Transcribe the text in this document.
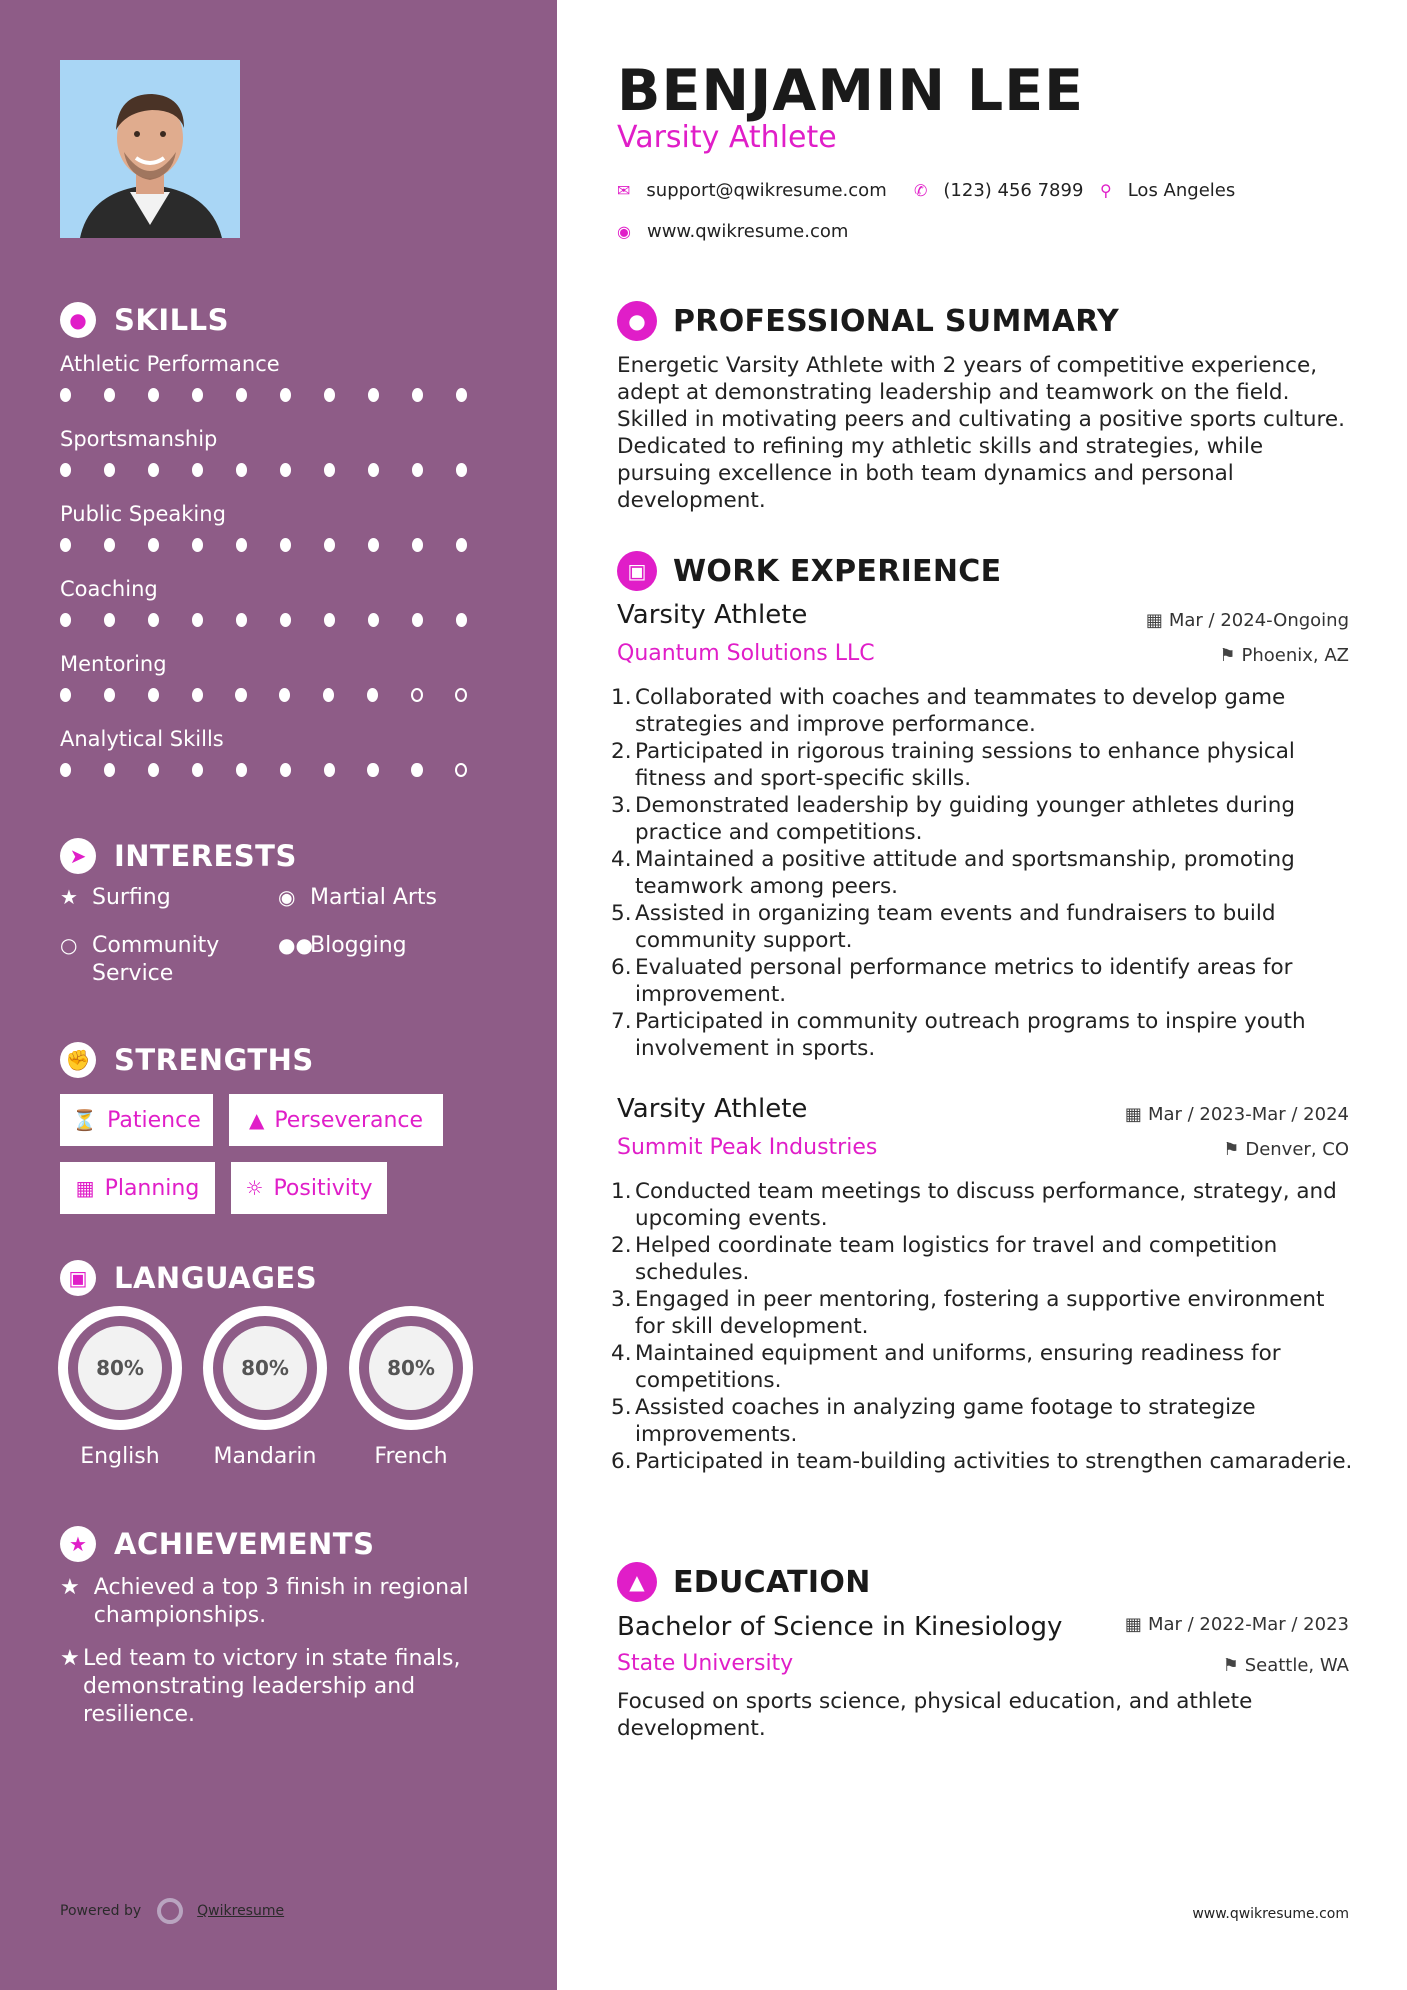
● SKILLS
Athletic Performance
Sportsmanship
Public Speaking
Coaching
Mentoring
Analytical Skills
➤ INTERESTS
★ Surfing	◉ Martial Arts
○ Community Service
●●
Blogging
✊ STRENGTHS
⏳ Patience ▲ Perseverance
▦ Planning ☼ Positivity
▣ LANGUAGES
80%
English
80%
Mandarin
80%
French
★ ACHIEVEMENTS
★ Achieved a top 3 finish in regional championships.
★ Led team to victory in state finals, demonstrating leadership and resilience.
Powered by	Qwikresume
BENJAMIN LEE
Varsity Athlete
✉ support@qwikresume.com ✆ (123) 456 7899 ⚲ Los Angeles
◉ www.qwikresume.com
● PROFESSIONAL SUMMARY
Energetic Varsity Athlete with 2 years of competitive experience, adept at demonstrating leadership and teamwork on the field. Skilled in motivating peers and cultivating a positive sports culture. Dedicated to refining my athletic skills and strategies, while pursuing excellence in both team dynamics and personal development.
▣ WORK EXPERIENCE
Varsity Athlete	▦ Mar / 2024-Ongoing
Quantum Solutions LLC	⚑ Phoenix, AZ
1 . Collaborated with coaches and teammates to develop game strategies and improve performance.
2 . Participated in rigorous training sessions to enhance physical fitness and sport-specific skills.
3 . Demonstrated leadership by guiding younger athletes during practice and competitions.
4 . Maintained a positive attitude and sportsmanship, promoting teamwork among peers.
5 . Assisted in organizing team events and fundraisers to build community support.
6 . Evaluated personal performance metrics to identify areas for improvement.
7 . Participated in community outreach programs to inspire youth involvement in sports.
Varsity Athlete	▦ Mar / 2023-Mar / 2024
Summit Peak Industries	⚑ Denver, CO
1 . Conducted team meetings to discuss performance, strategy, and upcoming events.
2 . Helped coordinate team logistics for travel and competition schedules.
3 . Engaged in peer mentoring, fostering a supportive environment for skill development.
4 . Maintained equipment and uniforms, ensuring readiness for competitions.
5 . Assisted coaches in analyzing game footage to strategize improvements.
6 . Participated in team-building activities to strengthen camaraderie.
▲ EDUCATION
Bachelor of Science in Kinesiology	▦ Mar / 2022-Mar / 2023
State University	⚑ Seattle, WA
Focused on sports science, physical education, and athlete development.
www.qwikresume.com
